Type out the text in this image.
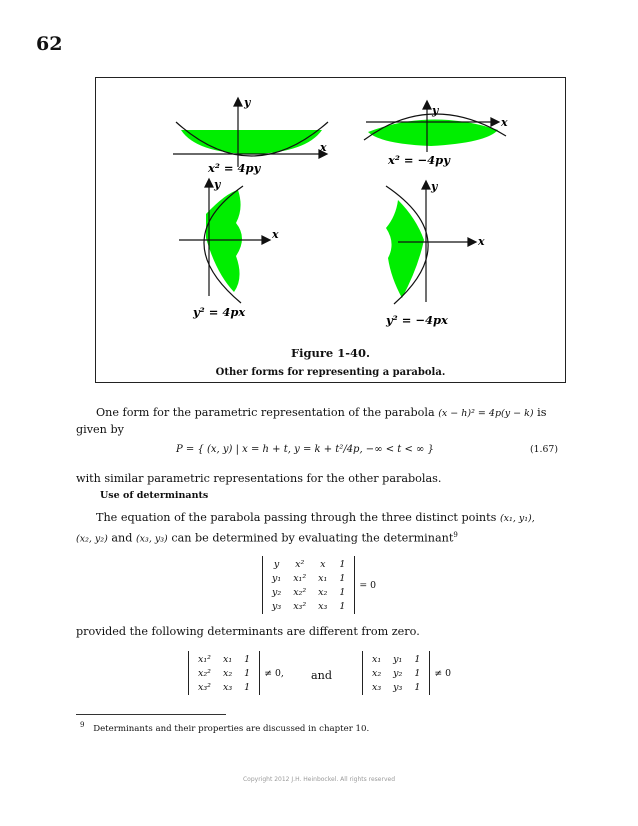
62
y
x
y
x
y
x
y
x
x² = 4py
x² = −4py
y² = 4px
y² = −4px
Figure 1-40.
Other forms for representing a parabola.
One form for the parametric representation of the parabola (x − h)² = 4p(y − k) is
given by
P = { (x, y) | x = h + t, y = k + t²/4p, −∞ < t < ∞ }	(1.67)
with similar parametric representations for the other parabolas.
Use of determinants
The equation of the parabola passing through the three distinct points (x₁, y₁),
(x₂, y₂) and (x₃, y₃) can be determined by evaluating the determinant$^9$
y	x²	x	1
y₁	x₁²	x₁	1
y₂	x₂²	x₂	1
y₃	x₃²	x₃	1
= 0
provided the following determinants are different from zero.
x₁²	x₁	1
x₂²	x₂	1
x₃²	x₃	1
≠ 0, and
x₁	y₁	1
x₂	y₂	1
x₃	y₃	1
≠ 0
$^9$ Determinants and their properties are discussed in chapter 10.
Copyright 2012 J.H. Heinbockel. All rights reserved
